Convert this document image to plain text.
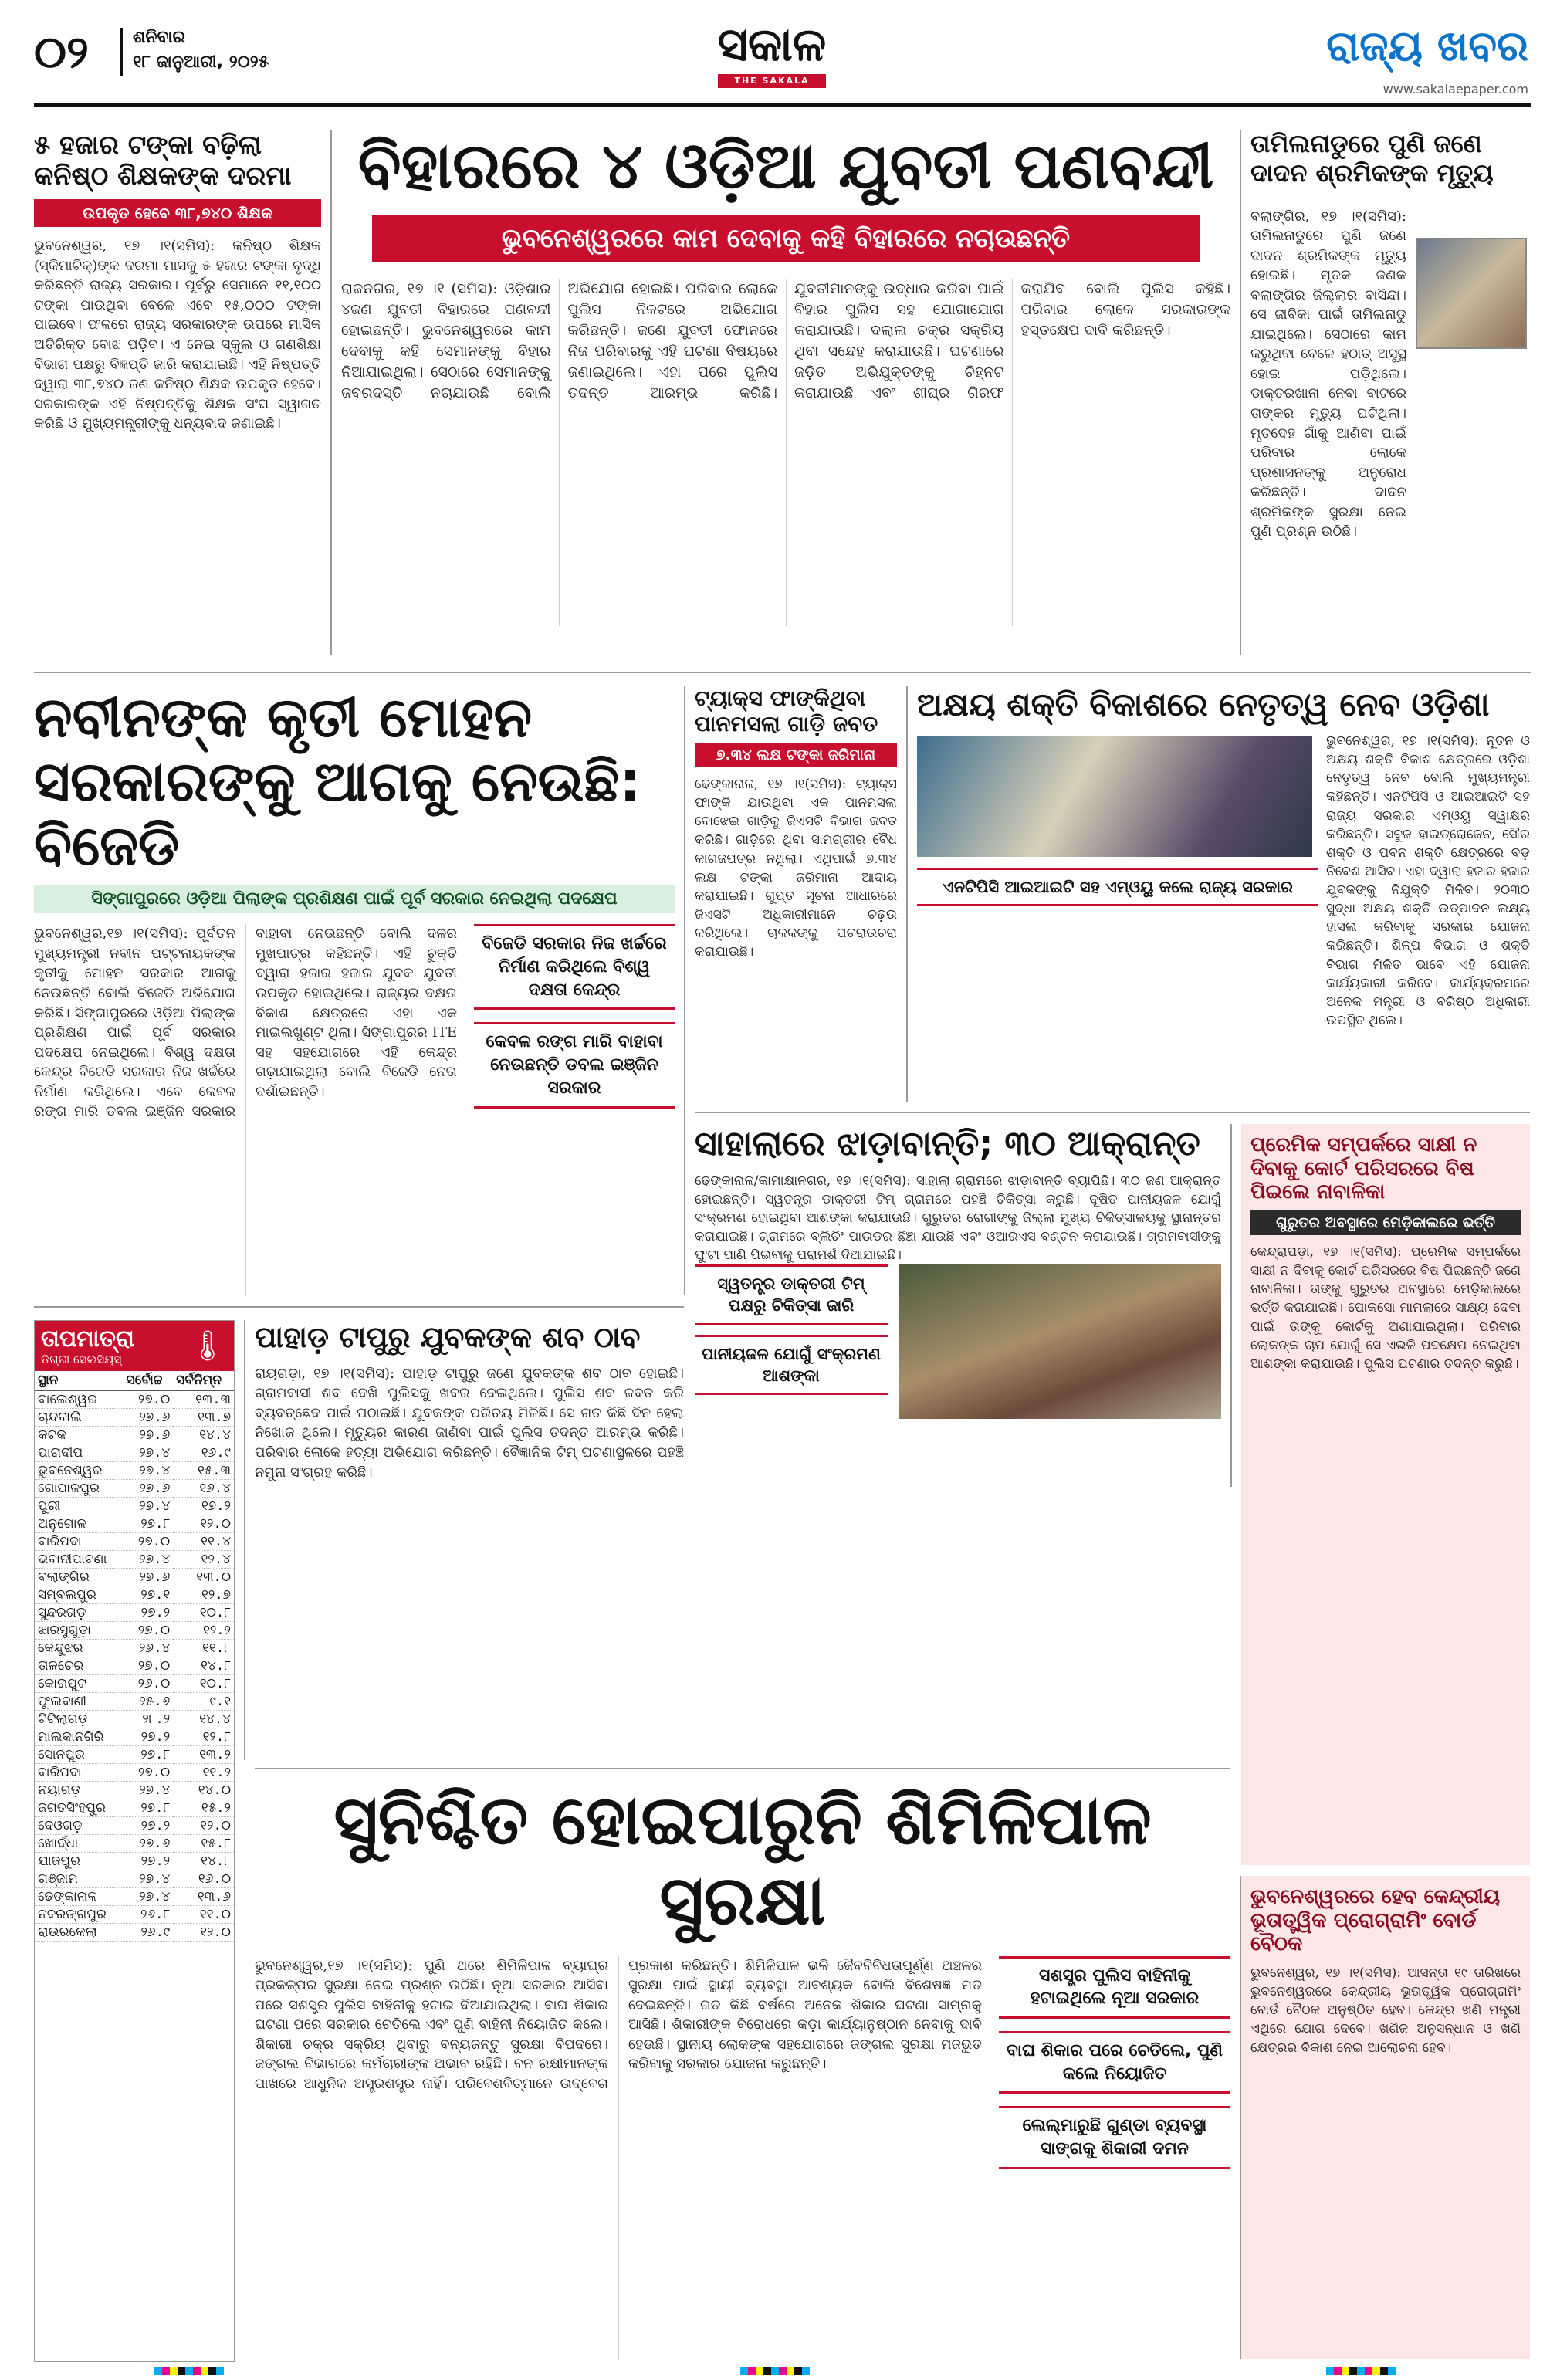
୦୨	ଶନିବାର
୧୮ ଜାନୁଆରୀ, ୨୦୨୫	ସକାଳ
THE SAKALA
ରାଜ୍ୟ ଖବର
www.sakalaepaper.com
୫ ହଜାର ଟଙ୍କା ବଢ଼ିଲା କନିଷ୍ଠ ଶିକ୍ଷକଙ୍କ ଦରମା
ଉପକୃତ ହେବେ ୩୮,୭୪୦ ଶିକ୍ଷକ

ଭୁବନେଶ୍ୱର, ୧୭ ।୧(ସମିସ): କନିଷ୍ଠ ଶିକ୍ଷକ (ସ୍କିମାଟିକ୍)ଙ୍କ ଦରମା ମାସକୁ ୫ ହଜାର ଟଙ୍କା ବୃଦ୍ଧି କରିଛନ୍ତି ରାଜ୍ୟ ସରକାର। ପୂର୍ବରୁ ସେମାନେ ୧୧,୧୦୦ ଟଙ୍କା ପାଉଥିବା ବେଳେ ଏବେ ୧୫,୦୦୦ ଟଙ୍କା ପାଇବେ। ଫଳରେ ରାଜ୍ୟ ସରକାରଙ୍କ ଉପରେ ମାସିକ ଅତିରିକ୍ତ ବୋଝ ପଡ଼ିବ। ଏ ନେଇ ସ୍କୁଲ ଓ ଗଣଶିକ୍ଷା ବିଭାଗ ପକ୍ଷରୁ ବିଜ୍ଞପ୍ତି ଜାରି କରାଯାଇଛି। ଏହି ନିଷ୍ପତ୍ତି ଦ୍ୱାରା ୩୮,୭୪୦ ଜଣ କନିଷ୍ଠ ଶିକ୍ଷକ ଉପକୃତ ହେବେ। ସରକାରଙ୍କ ଏହି ନିଷ୍ପତ୍ତିକୁ ଶିକ୍ଷକ ସଂଘ ସ୍ୱାଗତ କରିଛି ଓ ମୁଖ୍ୟମନ୍ତ୍ରୀଙ୍କୁ ଧନ୍ୟବାଦ ଜଣାଇଛି।

ବିହାରରେ ୪ ଓଡ଼ିଆ ଯୁବତୀ ପଣବନ୍ଦୀ
ଭୁବନେଶ୍ୱରରେ କାମ ଦେବାକୁ କହି ବିହାରରେ ନଚାଉଛନ୍ତି
ରାଜନଗର, ୧୭ ।୧ (ସମିସ): ଓଡ଼ିଶାର ୪ଜଣ ଯୁବତୀ ବିହାରରେ ପଣବନ୍ଦୀ ହୋଇଛନ୍ତି। ଭୁବନେଶ୍ୱରରେ କାମ ଦେବାକୁ କହି ସେମାନଙ୍କୁ ବିହାର ନିଆଯାଇଥିଲା। ସେଠାରେ ସେମାନଙ୍କୁ ଜବରଦସ୍ତି ନଚାଯାଉଛି ବୋଲି ଅଭିଯୋଗ ହୋଇଛି। ପରିବାର ଲୋକେ ପୁଲିସ ନିକଟରେ ଅଭିଯୋଗ କରିଛନ୍ତି। ଜଣେ ଯୁବତୀ ଫୋନରେ ନିଜ ପରିବାରକୁ ଏହି ଘଟଣା ବିଷୟରେ ଜଣାଇଥିଲେ। ଏହା ପରେ ପୁଲିସ ତଦନ୍ତ ଆରମ୍ଭ କରିଛି। ଯୁବତୀମାନଙ୍କୁ ଉଦ୍ଧାର କରିବା ପାଇଁ ବିହାର ପୁଲିସ ସହ ଯୋଗାଯୋଗ କରାଯାଉଛି। ଦଲାଲ ଚକ୍ର ସକ୍ରିୟ ଥିବା ସନ୍ଦେହ କରାଯାଉଛି। ଘଟଣାରେ ଜଡ଼ିତ ଅଭିଯୁକ୍ତଙ୍କୁ ଚିହ୍ନଟ କରାଯାଉଛି ଏବଂ ଶୀଘ୍ର ଗିରଫ କରାଯିବ ବୋଲି ପୁଲିସ କହିଛି। ପରିବାର ଲୋକେ ସରକାରଙ୍କ ହସ୍ତକ୍ଷେପ ଦାବି କରିଛନ୍ତି।
ତାମିଲନାଡୁରେ ପୁଣି ଜଣେ ଦାଦନ ଶ୍ରମିକଙ୍କ ମୃତ୍ୟୁ

ବଲାଙ୍ଗିର, ୧୭ ।୧(ସମିସ): ତାମିଲନାଡୁରେ ପୁଣି ଜଣେ ଦାଦନ ଶ୍ରମିକଙ୍କ ମୃତ୍ୟୁ ହୋଇଛି। ମୃତକ ଜଣକ ବଲାଙ୍ଗିର ଜିଲ୍ଲାର ବାସିନ୍ଦା। ସେ ଜୀବିକା ପାଇଁ ତାମିଲନାଡୁ ଯାଇଥିଲେ। ସେଠାରେ କାମ କରୁଥିବା ବେଳେ ହଠାତ୍ ଅସୁସ୍ଥ ହୋଇ ପଡ଼ିଥିଲେ। ଡାକ୍ତରଖାନା ନେବା ବାଟରେ ତାଙ୍କର ମୃତ୍ୟୁ ଘଟିଥିଲା। ମୃତଦେହ ଗାଁକୁ ଆଣିବା ପାଇଁ ପରିବାର ଲୋକେ ପ୍ରଶାସନଙ୍କୁ ଅନୁରୋଧ କରିଛନ୍ତି। ଦାଦନ ଶ୍ରମିକଙ୍କ ସୁରକ୍ଷା ନେଇ ପୁଣି ପ୍ରଶ୍ନ ଉଠିଛି।

ନବୀନଙ୍କ କୃତୀ ମୋହନ ସରକାରଙ୍କୁ ଆଗକୁ ନେଉଛି: ବିଜେଡି
ସିଙ୍ଗାପୁରରେ ଓଡ଼ିଆ ପିଲାଙ୍କ ପ୍ରଶିକ୍ଷଣ ପାଇଁ ପୂର୍ବ ସରକାର ନେଇଥିଲା ପଦକ୍ଷେପ

ଭୁବନେଶ୍ୱର,୧୭ ।୧(ସମିସ): ପୂର୍ବତନ ମୁଖ୍ୟମନ୍ତ୍ରୀ ନବୀନ ପଟ୍ଟନାୟକଙ୍କ କୃତୀକୁ ମୋହନ ସରକାର ଆଗକୁ ନେଉଛନ୍ତି ବୋଲି ବିଜେଡି ଅଭିଯୋଗ କରିଛି। ସିଙ୍ଗାପୁରରେ ଓଡ଼ିଆ ପିଲାଙ୍କ ପ୍ରଶିକ୍ଷଣ ପାଇଁ ପୂର୍ବ ସରକାର ପଦକ୍ଷେପ ନେଇଥିଲେ। ବିଶ୍ୱ ଦକ୍ଷତା କେନ୍ଦ୍ର ବିଜେଡି ସରକାର ନିଜ ଖର୍ଚ୍ଚରେ ନିର୍ମାଣ କରିଥିଲେ। ଏବେ କେବଳ ରଙ୍ଗ ମାରି ଡବଲ ଇଞ୍ଜିନ ସରକାର ବାହାବା ନେଉଛନ୍ତି ବୋଲି ଦଳର ମୁଖପାତ୍ର କହିଛନ୍ତି। ଏହି ଚୁକ୍ତି ଦ୍ୱାରା ହଜାର ହଜାର ଯୁବକ ଯୁବତୀ ଉପକୃତ ହୋଇଥିଲେ। ରାଜ୍ୟର ଦକ୍ଷତା ବିକାଶ କ୍ଷେତ୍ରରେ ଏହା ଏକ ମାଇଲଖୁଣ୍ଟ ଥିଲା। ସିଙ୍ଗାପୁରର ITE ସହ ସହଯୋଗରେ ଏହି କେନ୍ଦ୍ର ଗଢ଼ାଯାଇଥିଲା ବୋଲି ବିଜେଡି ନେତା ଦର୍ଶାଇଛନ୍ତି।

ବିଜେଡି ସରକାର ନିଜ ଖର୍ଚ୍ଚରେ ନିର୍ମାଣ କରିଥିଲେ ବିଶ୍ୱ ଦକ୍ଷତା କେନ୍ଦ୍ର
କେବଳ ରଙ୍ଗ ମାରି ବାହାବା ନେଉଛନ୍ତି ଡବଲ ଇଞ୍ଜିନ ସରକାର
ଟ୍ୟାକ୍ସ ଫାଙ୍କିଥିବା ପାନମସଲା ଗାଡ଼ି ଜବତ
୭.୩୪ ଲକ୍ଷ ଟଙ୍କା ଜରିମାନା

ଢେଙ୍କାନାଳ, ୧୭ ।୧(ସମିସ): ଟ୍ୟାକ୍ସ ଫାଙ୍କି ଯାଉଥିବା ଏକ ପାନମସଲା ବୋଝେଇ ଗାଡ଼ିକୁ ଜିଏସଟି ବିଭାଗ ଜବତ କରିଛି। ଗାଡ଼ିରେ ଥିବା ସାମଗ୍ରୀର ବୈଧ କାଗଜପତ୍ର ନଥିଲା। ଏଥିପାଇଁ ୭.୩୪ ଲକ୍ଷ ଟଙ୍କା ଜରିମାନା ଆଦାୟ କରାଯାଇଛି। ଗୁପ୍ତ ସୂଚନା ଆଧାରରେ ଜିଏସଟି ଅଧିକାରୀମାନେ ଚଢ଼ଉ କରିଥିଲେ। ଚାଳକଙ୍କୁ ପଚରାଉଚରା କରାଯାଉଛି।

ଅକ୍ଷୟ ଶକ୍ତି ବିକାଶରେ ନେତୃତ୍ୱ ନେବ ଓଡ଼ିଶା

ଭୁବନେଶ୍ୱର, ୧୭ ।୧(ସମିସ): ନୂତନ ଓ ଅକ୍ଷୟ ଶକ୍ତି ବିକାଶ କ୍ଷେତ୍ରରେ ଓଡ଼ିଶା ନେତୃତ୍ୱ ନେବ ବୋଲି ମୁଖ୍ୟମନ୍ତ୍ରୀ କହିଛନ୍ତି। ଏନଟିପିସି ଓ ଆଇଆଇଟି ସହ ରାଜ୍ୟ ସରକାର ଏମ୍ଓୟୁ ସ୍ୱାକ୍ଷର କରିଛନ୍ତି। ସବୁଜ ହାଇଡ୍ରୋଜେନ, ସୌର ଶକ୍ତି ଓ ପବନ ଶକ୍ତି କ୍ଷେତ୍ରରେ ବଡ଼ ନିବେଶ ଆସିବ। ଏହା ଦ୍ୱାରା ହଜାର ହଜାର ଯୁବକଙ୍କୁ ନିଯୁକ୍ତି ମିଳିବ। ୨୦୩୦ ସୁଦ୍ଧା ଅକ୍ଷୟ ଶକ୍ତି ଉତ୍ପାଦନ ଲକ୍ଷ୍ୟ ହାସଲ କରିବାକୁ ସରକାର ଯୋଜନା କରିଛନ୍ତି। ଶିଳ୍ପ ବିଭାଗ ଓ ଶକ୍ତି ବିଭାଗ ମିଳିତ ଭାବେ ଏହି ଯୋଜନା କାର୍ଯ୍ୟକାରୀ କରିବେ। କାର୍ଯ୍ୟକ୍ରମରେ ଅନେକ ମନ୍ତ୍ରୀ ଓ ବରିଷ୍ଠ ଅଧିକାରୀ ଉପସ୍ଥିତ ଥିଲେ।

ଏନଟିପିସି ଆଇଆଇଟି ସହ ଏମ୍ଓୟୁ କଲେ ରାଜ୍ୟ ସରକାର
ସାହାଲାରେ ଝାଡ଼ାବାନ୍ତି; ୩୦ ଆକ୍ରାନ୍ତ

ଢେଙ୍କାନାଳ/କାମାକ୍ଷାନଗର, ୧୭ ।୧(ସମିସ): ସାହାଲା ଗ୍ରାମରେ ଝାଡ଼ାବାନ୍ତି ବ୍ୟାପିଛି। ୩୦ ଜଣ ଆକ୍ରାନ୍ତ ହୋଇଛନ୍ତି। ସ୍ୱତନ୍ତ୍ର ଡାକ୍ତରୀ ଟିମ୍ ଗ୍ରାମରେ ପହଞ୍ଚି ଚିକିତ୍ସା କରୁଛି। ଦୂଷିତ ପାନୀୟଜଳ ଯୋଗୁଁ ସଂକ୍ରମଣ ହୋଇଥିବା ଆଶଙ୍କା କରାଯାଉଛି। ଗୁରୁତର ରୋଗୀଙ୍କୁ ଜିଲ୍ଲା ମୁଖ୍ୟ ଚିକିତ୍ସାଳୟକୁ ସ୍ଥାନାନ୍ତର କରାଯାଇଛି। ଗ୍ରାମରେ ବ୍ଲିଚିଂ ପାଉଡର ଛିଞ୍ଚା ଯାଉଛି ଏବଂ ଓଆରଏସ ବଣ୍ଟନ କରାଯାଉଛି। ଗ୍ରାମବାସୀଙ୍କୁ ଫୁଟା ପାଣି ପିଇବାକୁ ପରାମର୍ଶ ଦିଆଯାଇଛି।

ସ୍ୱତନ୍ତ୍ର ଡାକ୍ତରୀ ଟିମ୍ ପକ୍ଷରୁ ଚିକିତ୍ସା ଜାରି
ପାନୀୟଜଳ ଯୋଗୁଁ ସଂକ୍ରମଣ ଆଶଙ୍କା
ପ୍ରେମିକ ସମ୍ପର୍କରେ ସାକ୍ଷୀ ନ ଦିବାକୁ କୋର୍ଟ ପରିସରରେ ବିଷ ପିଇଲେ ନାବାଳିକା
ଗୁରୁତର ଅବସ୍ଥାରେ ମେଡ଼ିକାଲରେ ଭର୍ତ୍ତି

କେନ୍ଦ୍ରାପଡ଼ା, ୧୭ ।୧(ସମିସ): ପ୍ରେମିକ ସମ୍ପର୍କରେ ସାକ୍ଷୀ ନ ଦିବାକୁ କୋର୍ଟ ପରିସରରେ ବିଷ ପିଇଛନ୍ତି ଜଣେ ନାବାଳିକା। ତାଙ୍କୁ ଗୁରୁତର ଅବସ୍ଥାରେ ମେଡ଼ିକାଲରେ ଭର୍ତ୍ତି କରାଯାଇଛି। ପୋକସୋ ମାମଲାରେ ସାକ୍ଷ୍ୟ ଦେବା ପାଇଁ ତାଙ୍କୁ କୋର୍ଟକୁ ଅଣାଯାଇଥିଲା। ପରିବାର ଲୋକଙ୍କ ଚାପ ଯୋଗୁଁ ସେ ଏଭଳି ପଦକ୍ଷେପ ନେଇଥିବା ଆଶଙ୍କା କରାଯାଉଛି। ପୁଲିସ ଘଟଣାର ତଦନ୍ତ କରୁଛି।

ତାପମାତ୍ରା
ଡିଗ୍ରୀ ସେଲସିୟସ୍	🌡
ସ୍ଥାନ	ସର୍ବୋଚ୍ଚ	ସର୍ବନିମ୍ନ
ବାଲେଶ୍ୱର	୨୭.୦	୧୩.୩
ଚାନ୍ଦବାଲି	୨୭.୬	୧୩.୭
କଟକ	୨୭.୬	୧୪.୪
ପାରାଦୀପ	୨୭.୪	୧୬.୯
ଭୁବନେଶ୍ୱର	୨୭.୪	୧୫.୩
ଗୋପାଳପୁର	୨୭.୬	୧୬.୪
ପୁରୀ	୨୭.୪	୧୭.୨
ଅନୁଗୋଳ	୨୭.୮	୧୨.୦
ବାରିପଦା	୨୭.୦	୧୧.୪
ଭବାନୀପାଟଣା	୨୭.୪	୧୨.୪
ବଲାଙ୍ଗିର	୨୭.୬	୧୩.୦
ସମ୍ବଲପୁର	୨୭.୧	୧୨.୭
ସୁନ୍ଦରଗଡ଼	୨୭.୨	୧୦.୮
ଝାରସୁଗୁଡ଼ା	୨୭.୦	୧୨.୨
କେନ୍ଦୁଝର	୨୬.୪	୧୧.୮
ତାଳଚେର	୨୭.୦	୧୪.୮
କୋରାପୁଟ	୨୬.୦	୧୦.୮
ଫୁଲବାଣୀ	୨୫.୬	୯.୧
ଟିଟିଲାଗଡ଼	୨୮.୨	୧୪.୪
ମାଲକାନଗିରି	୨୭.୨	୧୨.୮
ସୋନପୁର	୨୭.୮	୧୩.୨
ବାରିପଦା	୨୭.୦	୧୧.୨
ନୟାଗଡ଼	୨୭.୪	୧୪.୦
ଜଗତସିଂହପୁର	୨୭.୮	୧୫.୨
ଦେଓଗଡ଼	୨୭.୨	୧୨.୦
ଖୋର୍ଦ୍ଧା	୨୭.୬	୧୫.୮
ଯାଜପୁର	୨୭.୨	୧୪.୮
ଗଞ୍ଜାମ	୨୭.୪	୧୬.୦
ଢେଙ୍କାନାଳ	୨୭.୪	୧୩.୬
ନବରଙ୍ଗପୁର	୨୬.୮	୧୧.୦
ରାଉରକେଲା	୨୬.୯	୧୨.୦
ପାହାଡ଼ ଟାପୁରୁ ଯୁବକଙ୍କ ଶବ ଠାବ

ରାୟଗଡ଼ା, ୧୭ ।୧(ସମିସ): ପାହାଡ଼ ଟାପୁରୁ ଜଣେ ଯୁବକଙ୍କ ଶବ ଠାବ ହୋଇଛି। ଗ୍ରାମବାସୀ ଶବ ଦେଖି ପୁଲିସକୁ ଖବର ଦେଇଥିଲେ। ପୁଲିସ ଶବ ଜବତ କରି ବ୍ୟବଚ୍ଛେଦ ପାଇଁ ପଠାଇଛି। ଯୁବକଙ୍କ ପରିଚୟ ମିଳିଛି। ସେ ଗତ କିଛି ଦିନ ହେଲା ନିଖୋଜ ଥିଲେ। ମୃତ୍ୟୁର କାରଣ ଜାଣିବା ପାଇଁ ପୁଲିସ ତଦନ୍ତ ଆରମ୍ଭ କରିଛି। ପରିବାର ଲୋକେ ହତ୍ୟା ଅଭିଯୋଗ କରିଛନ୍ତି। ବୈଜ୍ଞାନିକ ଟିମ୍ ଘଟଣାସ୍ଥଳରେ ପହଞ୍ଚି ନମୁନା ସଂଗ୍ରହ କରିଛି।

ସୁନିଶ୍ଚିତ ହୋଇପାରୁନି ଶିମିଳିପାଳ ସୁରକ୍ଷା

ଭୁବନେଶ୍ୱର,୧୭ ।୧(ସମିସ): ପୁଣି ଥରେ ଶିମିଳିପାଳ ବ୍ୟାଘ୍ର ପ୍ରକଳ୍ପର ସୁରକ୍ଷା ନେଇ ପ୍ରଶ୍ନ ଉଠିଛି। ନୂଆ ସରକାର ଆସିବା ପରେ ସଶସ୍ତ୍ର ପୁଲିସ ବାହିନୀକୁ ହଟାଇ ଦିଆଯାଇଥିଲା। ବାଘ ଶିକାର ଘଟଣା ପରେ ସରକାର ଚେତିଲେ ଏବଂ ପୁଣି ବାହିନୀ ନିୟୋଜିତ କଲେ। ଶିକାରୀ ଚକ୍ର ସକ୍ରିୟ ଥିବାରୁ ବନ୍ୟଜନ୍ତୁ ସୁରକ୍ଷା ବିପଦରେ। ଜଙ୍ଗଲ ବିଭାଗରେ କର୍ମଚାରୀଙ୍କ ଅଭାବ ରହିଛି। ବନ ରକ୍ଷୀମାନଙ୍କ ପାଖରେ ଆଧୁନିକ ଅସ୍ତ୍ରଶସ୍ତ୍ର ନାହିଁ। ପରିବେଶବିତ୍ମାନେ ଉଦ୍‌ବେଗ ପ୍ରକାଶ କରିଛନ୍ତି। ଶିମିଳିପାଳ ଭଳି ଜୈବବିବିଧତାପୂର୍ଣ୍ଣ ଅଞ୍ଚଳର ସୁରକ୍ଷା ପାଇଁ ସ୍ଥାୟୀ ବ୍ୟବସ୍ଥା ଆବଶ୍ୟକ ବୋଲି ବିଶେଷଜ୍ଞ ମତ ଦେଇଛନ୍ତି। ଗତ କିଛି ବର୍ଷରେ ଅନେକ ଶିକାର ଘଟଣା ସାମ୍ନାକୁ ଆସିଛି। ଶିକାରୀଙ୍କ ବିରୋଧରେ କଡ଼ା କାର୍ଯ୍ୟାନୁଷ୍ଠାନ ନେବାକୁ ଦାବି ହେଉଛି। ସ୍ଥାନୀୟ ଲୋକଙ୍କ ସହଯୋଗରେ ଜଙ୍ଗଲ ସୁରକ୍ଷା ମଜଭୁତ କରିବାକୁ ସରକାର ଯୋଜନା କରୁଛନ୍ତି।

ସଶସ୍ତ୍ର ପୁଲିସ ବାହିନୀକୁ ହଟାଇଥିଲେ ନୂଆ ସରକାର
ବାଘ ଶିକାର ପରେ ଚେତିଲେ, ପୁଣି କଲେ ନିୟୋଜିତ
ଲେଲ୍ମାରୁଛି ଗୁଣ୍ଡା ବ୍ୟବସ୍ଥା ସାଙ୍ଗକୁ ଶିକାରୀ ଦମନ
ଭୁବନେଶ୍ୱରରେ ହେବ କେନ୍ଦ୍ରୀୟ ଭୂତାତ୍ତ୍ୱିକ ପ୍ରୋଗ୍ରାମିଂ ବୋର୍ଡ ବୈଠକ

ଭୁବନେଶ୍ୱର, ୧୭ ।୧(ସମିସ): ଆସନ୍ତା ୧୯ ତାରିଖରେ ଭୁବନେଶ୍ୱରରେ କେନ୍ଦ୍ରୀୟ ଭୂତାତ୍ତ୍ୱିକ ପ୍ରୋଗ୍ରାମିଂ ବୋର୍ଡ ବୈଠକ ଅନୁଷ୍ଠିତ ହେବ। କେନ୍ଦ୍ର ଖଣି ମନ୍ତ୍ରୀ ଏଥିରେ ଯୋଗ ଦେବେ। ଖଣିଜ ଅନୁସନ୍ଧାନ ଓ ଖଣି କ୍ଷେତ୍ରର ବିକାଶ ନେଇ ଆଲୋଚନା ହେବ।
